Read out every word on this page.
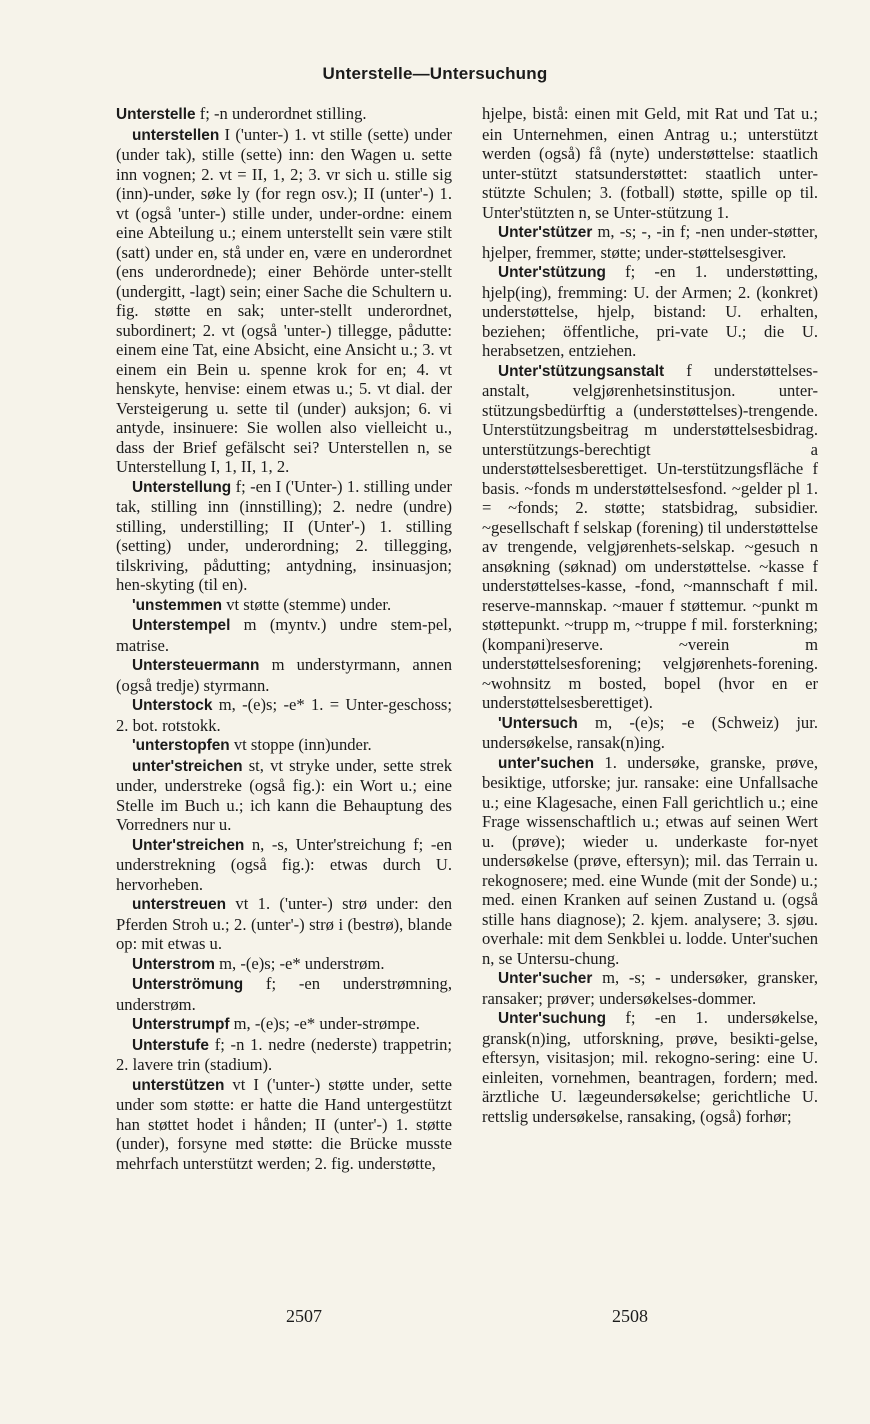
Unterstelle—Untersuchung

Unterstelle f; -n underordnet stilling.

unterstellen I ('unter-) 1. vt stille (sette) under (under tak), stille (sette) inn: den Wagen u. sette inn vognen; 2. vt = II, 1, 2; 3. vr sich u. stille sig (inn)-under, søke ly (for regn osv.); II (unter'-) 1. vt (også 'unter-) stille under, under-ordne: einem eine Abteilung u.; einem unterstellt sein være stilt (satt) under en, stå under en, være en underordnet (ens underordnede); einer Behörde unter-stellt (undergitt, -lagt) sein; einer Sache die Schultern u. fig. støtte en sak; unter-stellt underordnet, subordinert; 2. vt (også 'unter-) tillegge, pådutte: einem eine Tat, eine Absicht, eine Ansicht u.; 3. vt einem ein Bein u. spenne krok for en; 4. vt henskyte, henvise: einem etwas u.; 5. vt dial. der Versteigerung u. sette til (under) auksjon; 6. vi antyde, insinuere: Sie wollen also vielleicht u., dass der Brief gefälscht sei? Unterstellen n, se Unterstellung I, 1, II, 1, 2.

Unterstellung f; -en I ('Unter-) 1. stilling under tak, stilling inn (innstilling); 2. nedre (undre) stilling, understilling; II (Unter'-) 1. stilling (setting) under, underordning; 2. tillegging, tilskriving, pådutting; antydning, insinuasjon; hen-skyting (til en).

'unstemmen vt støtte (stemme) under.

Unterstempel m (myntv.) undre stem-pel, matrise.

Untersteuermann m understyrmann, annen (også tredje) styrmann.

Unterstock m, -(e)s; -e* 1. = Unter-geschoss; 2. bot. rotstokk.

'unterstopfen vt stoppe (inn)under.

unter'streichen st, vt stryke under, sette strek under, understreke (også fig.): ein Wort u.; eine Stelle im Buch u.; ich kann die Behauptung des Vorredners nur u.

Unter'streichen n, -s, Unter'streichung f; -en understrekning (også fig.): etwas durch U. hervorheben.

unterstreuen vt 1. ('unter-) strø under: den Pferden Stroh u.; 2. (unter'-) strø i (bestrø), blande op: mit etwas u.

Unterstrom m, -(e)s; -e* understrøm.

Unterströmung f; -en understrømning, understrøm.

Unterstrumpf m, -(e)s; -e* under-strømpe.

Unterstufe f; -n 1. nedre (nederste) trappetrin; 2. lavere trin (stadium).

unterstützen vt I ('unter-) støtte under, sette under som støtte: er hatte die Hand untergestützt han støttet hodet i hånden; II (unter'-) 1. støtte (under), forsyne med støtte: die Brücke musste mehrfach unterstützt werden; 2. fig. understøtte,

hjelpe, bistå: einen mit Geld, mit Rat und Tat u.; ein Unternehmen, einen Antrag u.; unterstützt werden (også) få (nyte) understøttelse: staatlich unter-stützt statsunderstøttet: staatlich unter-stützte Schulen; 3. (fotball) støtte, spille op til. Unter'stützten n, se Unter-stützung 1.

Unter'stützer m, -s; -, -in f; -nen under-støtter, hjelper, fremmer, støtte; under-støttelsesgiver.

Unter'stützung f; -en 1. understøtting, hjelp(ing), fremming: U. der Armen; 2. (konkret) understøttelse, hjelp, bistand: U. erhalten, beziehen; öffentliche, pri-vate U.; die U. herabsetzen, entziehen.

Unter'stützungsanstalt f understøttelses-anstalt, velgjørenhetsinstitusjon. unter-stützungsbedürftig a (understøttelses)-trengende. Unterstützungsbeitrag m understøttelsesbidrag. unterstützungs-berechtigt a understøttelsesberettiget. Un-terstützungsfläche f basis. ~fonds m understøttelsesfond. ~gelder pl 1. = ~fonds; 2. støtte; statsbidrag, subsidier. ~gesellschaft f selskap (forening) til understøttelse av trengende, velgjørenhets-selskap. ~gesuch n ansøkning (søknad) om understøttelse. ~kasse f understøttelses-kasse, -fond, ~mannschaft f mil. reserve-mannskap. ~mauer f støttemur. ~punkt m støttepunkt. ~trupp m, ~truppe f mil. forsterkning; (kompani)reserve. ~verein m understøttelsesforening; velgjørenhets-forening. ~wohnsitz m bosted, bopel (hvor en er understøttelsesberettiget).

'Untersuch m, -(e)s; -e (Schweiz) jur. undersøkelse, ransak(n)ing.

unter'suchen 1. undersøke, granske, prøve, besiktige, utforske; jur. ransake: eine Unfallsache u.; eine Klagesache, einen Fall gerichtlich u.; eine Frage wissenschaftlich u.; etwas auf seinen Wert u. (prøve); wieder u. underkaste for-nyet undersøkelse (prøve, eftersyn); mil. das Terrain u. rekognosere; med. eine Wunde (mit der Sonde) u.; med. einen Kranken auf seinen Zustand u. (også stille hans diagnose); 2. kjem. analysere; 3. sjøu. overhale: mit dem Senkblei u. lodde. Unter'suchen n, se Untersu-chung.

Unter'sucher m, -s; - undersøker, gransker, ransaker; prøver; undersøkelses-dommer.

Unter'suchung f; -en 1. undersøkelse, gransk(n)ing, utforskning, prøve, besikti-gelse, eftersyn, visitasjon; mil. rekogno-sering: eine U. einleiten, vornehmen, beantragen, fordern; med. ärztliche U. lægeundersøkelse; gerichtliche U. rettslig undersøkelse, ransaking, (også) forhør;

2507	2508
